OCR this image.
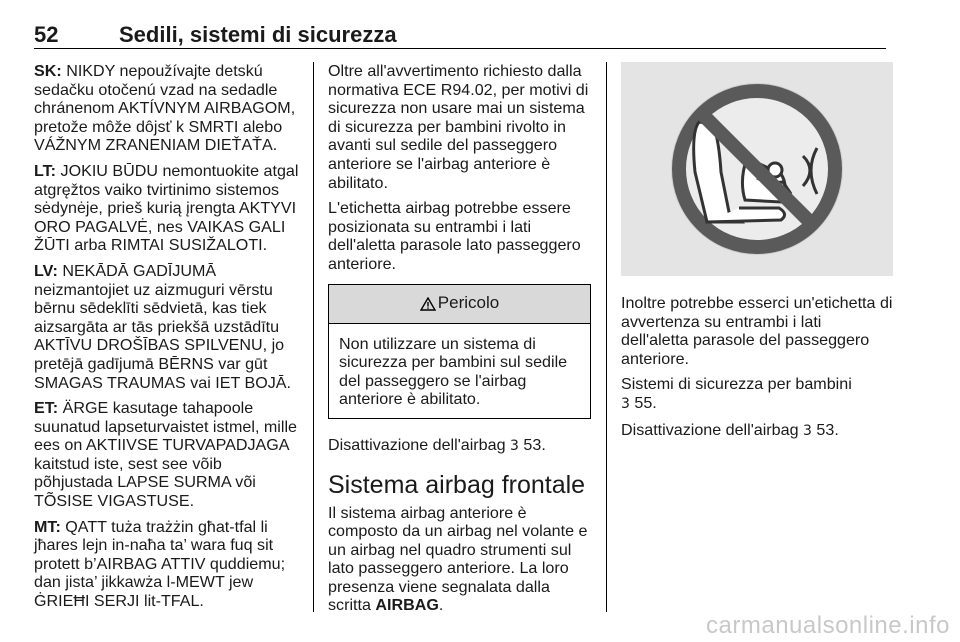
52	Sedili, sistemi di sicurezza

SK: NIKDY nepoužívajte detskú sedačku otočenú vzad na sedadle chránenom AKTÍVNYM AIRBAGOM, pretože môže dôjsť k SMRTI alebo VÁŽNYM ZRANENIAM DIEŤAŤA.

LT: JOKIU BŪDU nemontuokite atgal atgręžtos vaiko tvirtinimo sistemos sėdynėje, prieš kurią įrengta AKTYVI ORO PAGALVĖ, nes VAIKAS GALI ŽŪTI arba RIMTAI SUSIŽALOTI.

LV: NEKĀDĀ GADĪJUMĀ neizmantojiet uz aizmuguri vērstu bērnu sēdeklīti sēdvietā, kas tiek aizsargāta ar tās priekšā uzstādītu AKTĪVU DROŠĪBAS SPILVENU, jo pretējā gadījumā BĒRNS var gūt SMAGAS TRAUMAS vai IET BOJĀ.

ET: ÄRGE kasutage tahapoole suunatud lapseturvaistet istmel, mille ees on AKTIIVSE TURVAPADJAGA kaitstud iste, sest see võib põhjustada LAPSE SURMA või TÕSISE VIGASTUSE.

MT: QATT tuża trażżin għat-tfal li jħares lejn in-naħa ta’ wara fuq sit protett b’AIRBAG ATTIV quddiemu; dan jista’ jikkawża l-MEWT jew ĠRIEĦI SERJI lit-TFAL.

Oltre all'avvertimento richiesto dalla normativa ECE R94.02, per motivi di sicurezza non usare mai un sistema di sicurezza per bambini rivolto in avanti sul sedile del passeggero anteriore se l'airbag anteriore è abilitato.

L'etichetta airbag potrebbe essere posizionata su entrambi i lati dell'aletta parasole lato passeggero anteriore.

Pericolo
Non utilizzare un sistema di sicurezza per bambini sul sedile del passeggero se l'airbag anteriore è abilitato.

Disattivazione dell'airbag 3 53.

Sistema airbag frontale

Il sistema airbag anteriore è composto da un airbag nel volante e un airbag nel quadro strumenti sul lato passeggero anteriore. La loro presenza viene segnalata dalla scritta AIRBAG.

Inoltre potrebbe esserci un'etichetta di avvertenza su entrambi i lati dell'aletta parasole del passeggero anteriore.

Sistemi di sicurezza per bambini
3 55.

Disattivazione dell'airbag 3 53.

carmanualsonline.info
